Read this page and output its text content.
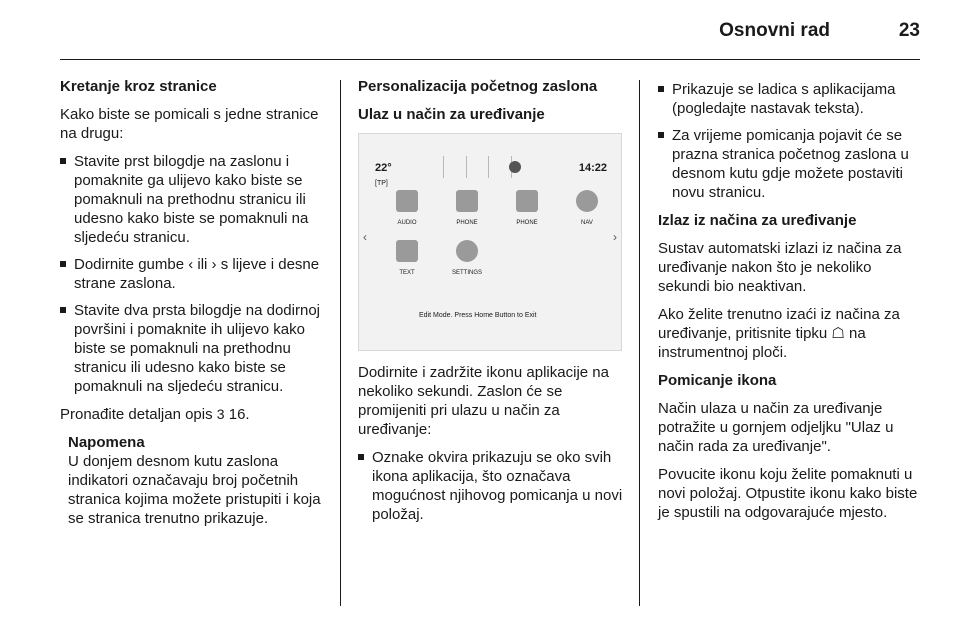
Osnovni rad	23

Kretanje kroz stranice

Kako biste se pomicali s jedne stranice na drugu:

Stavite prst bilogdje na zaslonu i pomaknite ga ulijevo kako biste se pomaknuli na prethodnu stranicu ili udesno kako biste se pomaknuli na sljedeću stranicu.
Dodirnite gumbe ‹ ili › s lijeve i desne strane zaslona.
Stavite dva prsta bilogdje na dodirnoj površini i pomaknite ih ulijevo kako biste se pomaknuli na prethodnu stranicu ili udesno kako biste se pomaknuli na sljedeću stranicu.

Pronađite detaljan opis 3 16.

Napomena

U donjem desnom kutu zaslona indikatori označavaju broj početnih stranica kojima možete pristupiti i koja se stranica trenutno prikazuje.

Personalizacija početnog zaslona

Ulaz u način za uređivanje

22°
[TP]
14:22
‹	›
AUDIO	PHONE	PHONE	NAV
TEXT	SETTINGS
Edit Mode. Press Home Button to Exit

Dodirnite i zadržite ikonu aplikacije na nekoliko sekundi. Zaslon će se promijeniti pri ulazu u način za uređivanje:

Oznake okvira prikazuju se oko svih ikona aplikacija, što označava mogućnost njihovog pomicanja u novi položaj.
Prikazuje se ladica s aplikacijama (pogledajte nastavak teksta).
Za vrijeme pomicanja pojavit će se prazna stranica početnog zaslona u desnom kutu gdje možete postaviti novu stranicu.

Izlaz iz načina za uređivanje

Sustav automatski izlazi iz načina za uređivanje nakon što je nekoliko sekundi bio neaktivan.

Ako želite trenutno izaći iz načina za uređivanje, pritisnite tipku ☖ na instrumentnoj ploči.

Pomicanje ikona

Način ulaza u način za uređivanje potražite u gornjem odjeljku "Ulaz u način rada za uređivanje".

Povucite ikonu koju želite pomaknuti u novi položaj. Otpustite ikonu kako biste je spustili na odgovarajuće mjesto.
